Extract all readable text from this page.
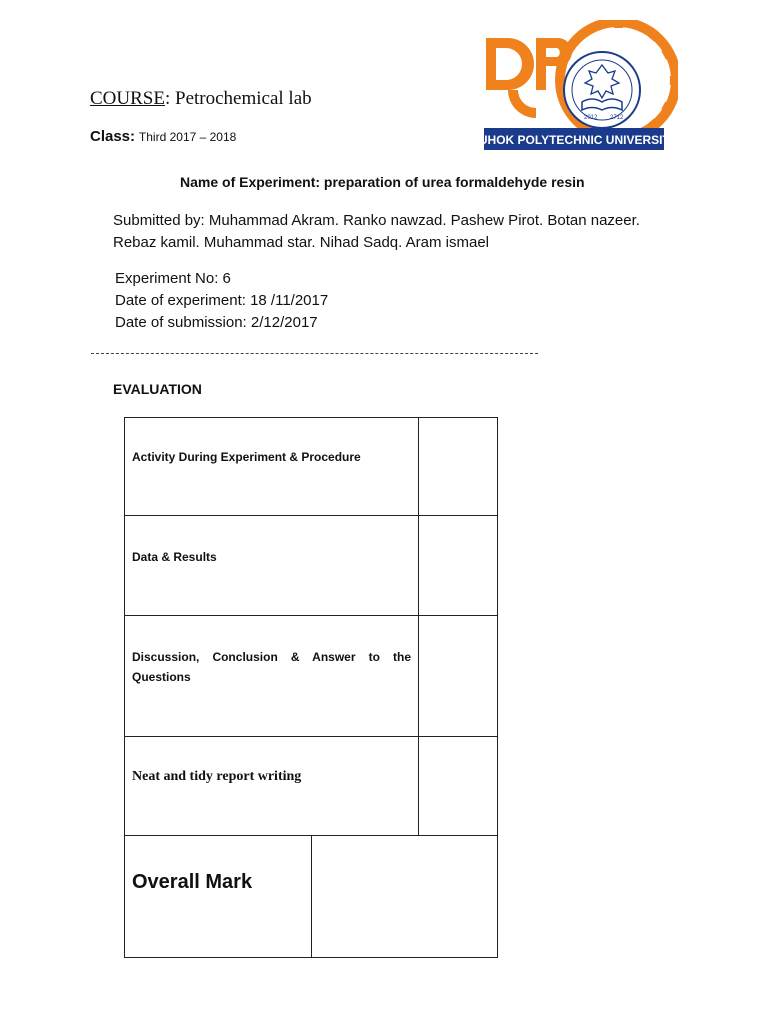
2012 2712
DUHOK POLYTECHNIC UNIVERSITY
COURSE: Petrochemical lab
Class: Third 2017 – 2018
Name of Experiment: preparation of urea formaldehyde resin
Submitted by: Muhammad Akram. Ranko nawzad. Pashew Pirot. Botan nazeer.
Rebaz kamil. Muhammad star. Nihad Sadq. Aram ismael
Experiment No: 6
Date of experiment: 18 /11/2017
Date of submission: 2/12/2017
EVALUATION
Activity During Experiment & Procedure
Data & Results
Discussion, Conclusion & Answer to the Questions
Neat and tidy report writing
Overall Mark
